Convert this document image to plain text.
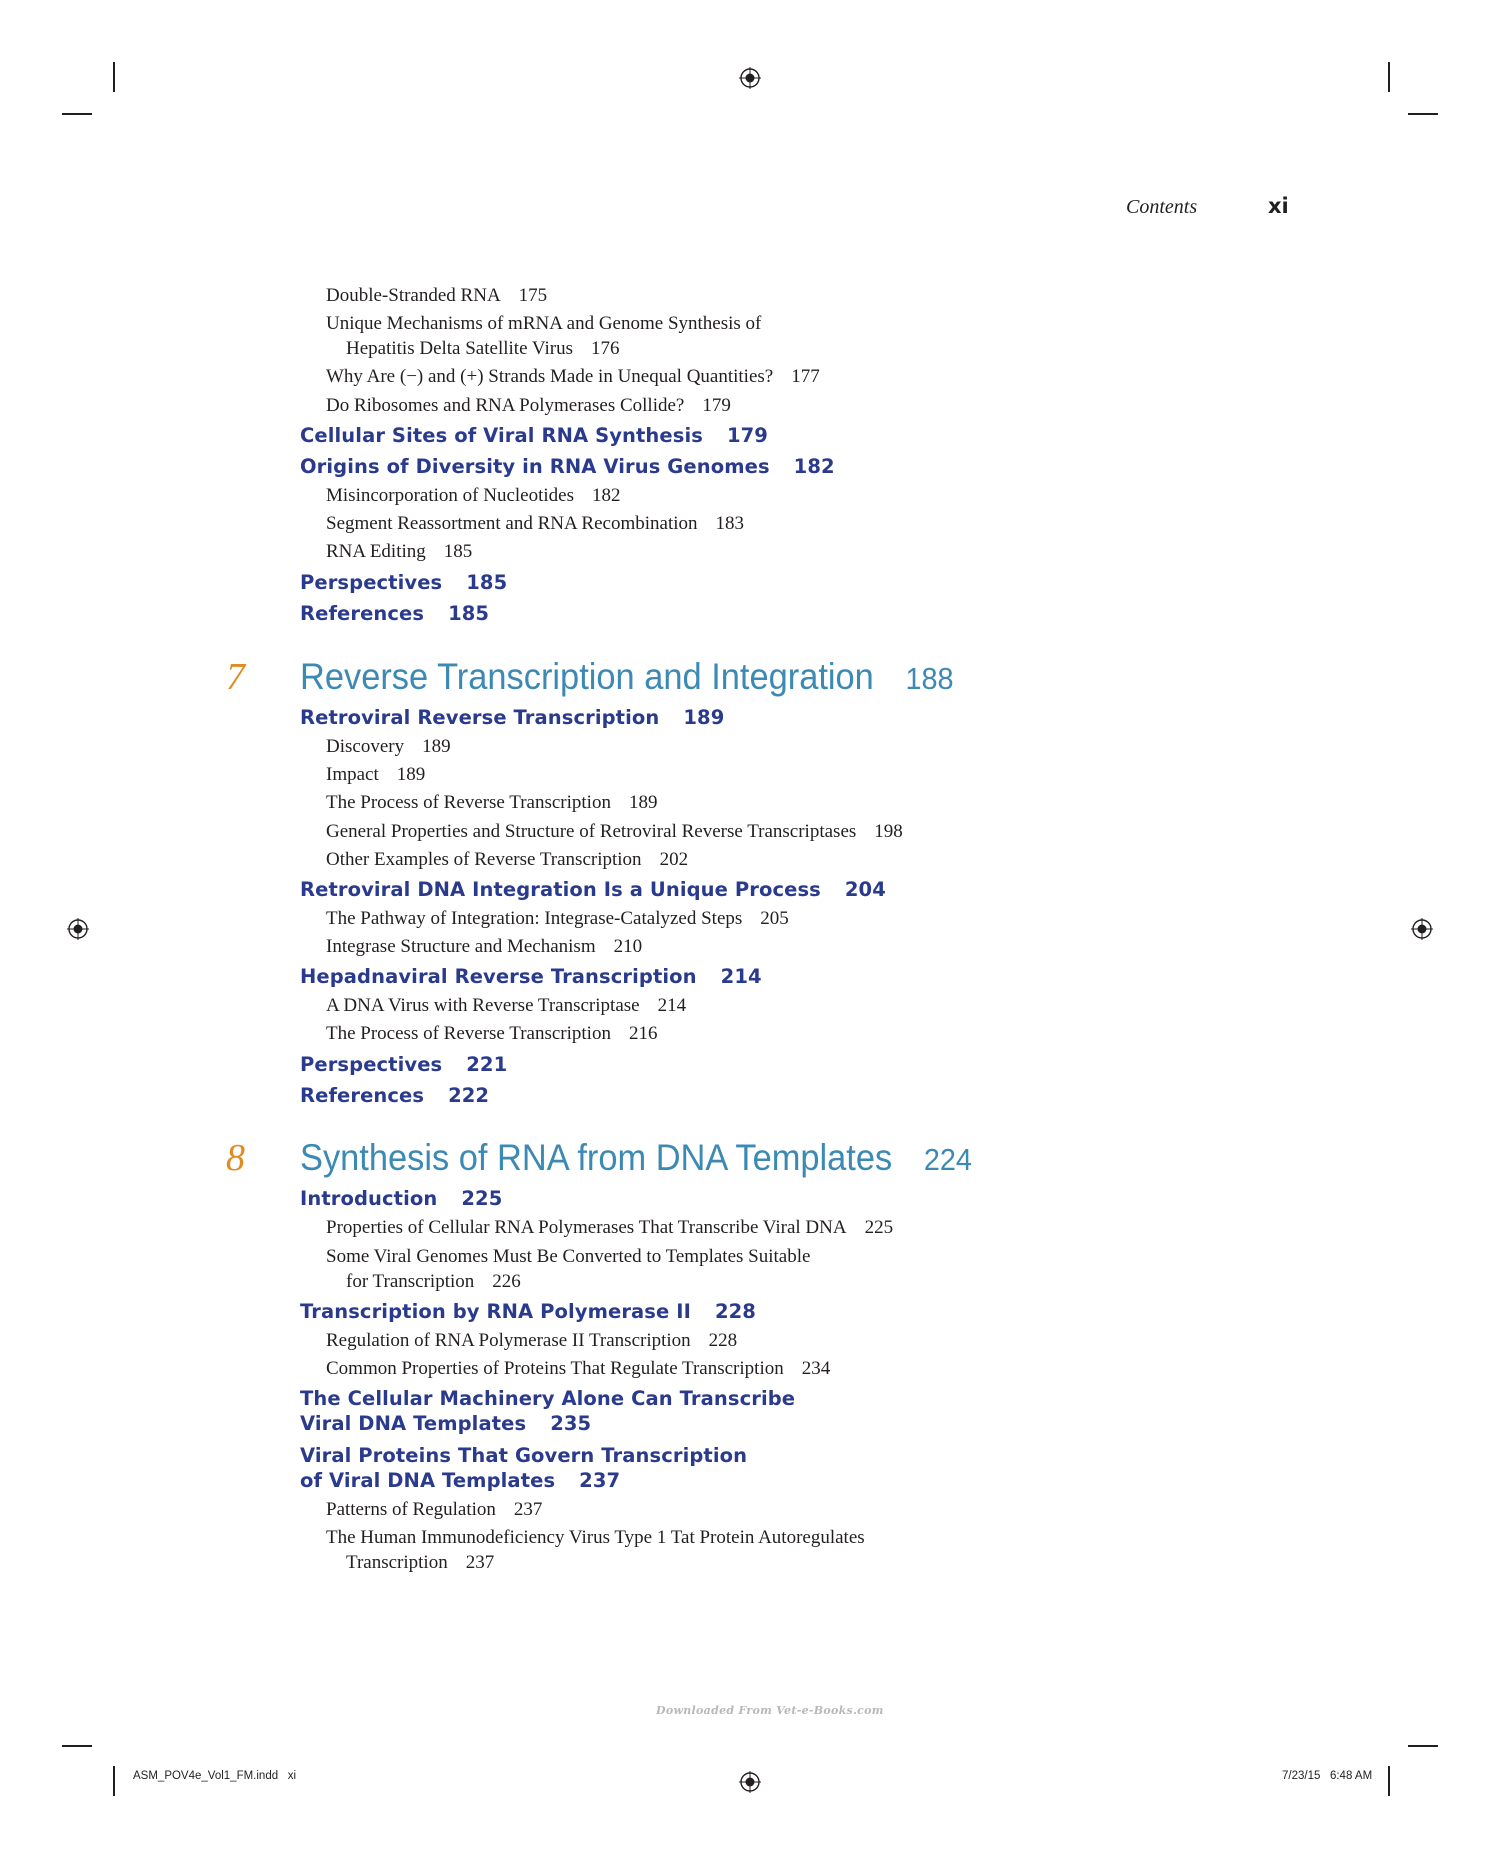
Contents	xi
Double-Stranded RNA 175
Unique Mechanisms of mRNA and Genome Synthesis of
Hepatitis Delta Satellite Virus 176
Why Are (−) and (+) Strands Made in Unequal Quantities? 177
Do Ribosomes and RNA Polymerases Collide? 179
Cellular Sites of Viral RNA Synthesis 179
Origins of Diversity in RNA Virus Genomes 182
Misincorporation of Nucleotides 182
Segment Reassortment and RNA Recombination 183
RNA Editing 185
Perspectives 185
References 185
7 Reverse Transcription and Integration 188
Retroviral Reverse Transcription 189
Discovery 189
Impact 189
The Process of Reverse Transcription 189
General Properties and Structure of Retroviral Reverse Transcriptases 198
Other Examples of Reverse Transcription 202
Retroviral DNA Integration Is a Unique Process 204
The Pathway of Integration: Integrase-Catalyzed Steps 205
Integrase Structure and Mechanism 210
Hepadnaviral Reverse Transcription 214
A DNA Virus with Reverse Transcriptase 214
The Process of Reverse Transcription 216
Perspectives 221
References 222
8 Synthesis of RNA from DNA Templates 224
Introduction 225
Properties of Cellular RNA Polymerases That Transcribe Viral DNA 225
Some Viral Genomes Must Be Converted to Templates Suitable
for Transcription 226
Transcription by RNA Polymerase II 228
Regulation of RNA Polymerase II Transcription 228
Common Properties of Proteins That Regulate Transcription 234
The Cellular Machinery Alone Can Transcribe
Viral DNA Templates 235
Viral Proteins That Govern Transcription
of Viral DNA Templates 237
Patterns of Regulation 237
The Human Immunodeficiency Virus Type 1 Tat Protein Autoregulates
Transcription 237
Downloaded From Vet-e-Books.com
ASM_POV4e_Vol1_FM.indd   xi	7/23/15   6:48 AM
